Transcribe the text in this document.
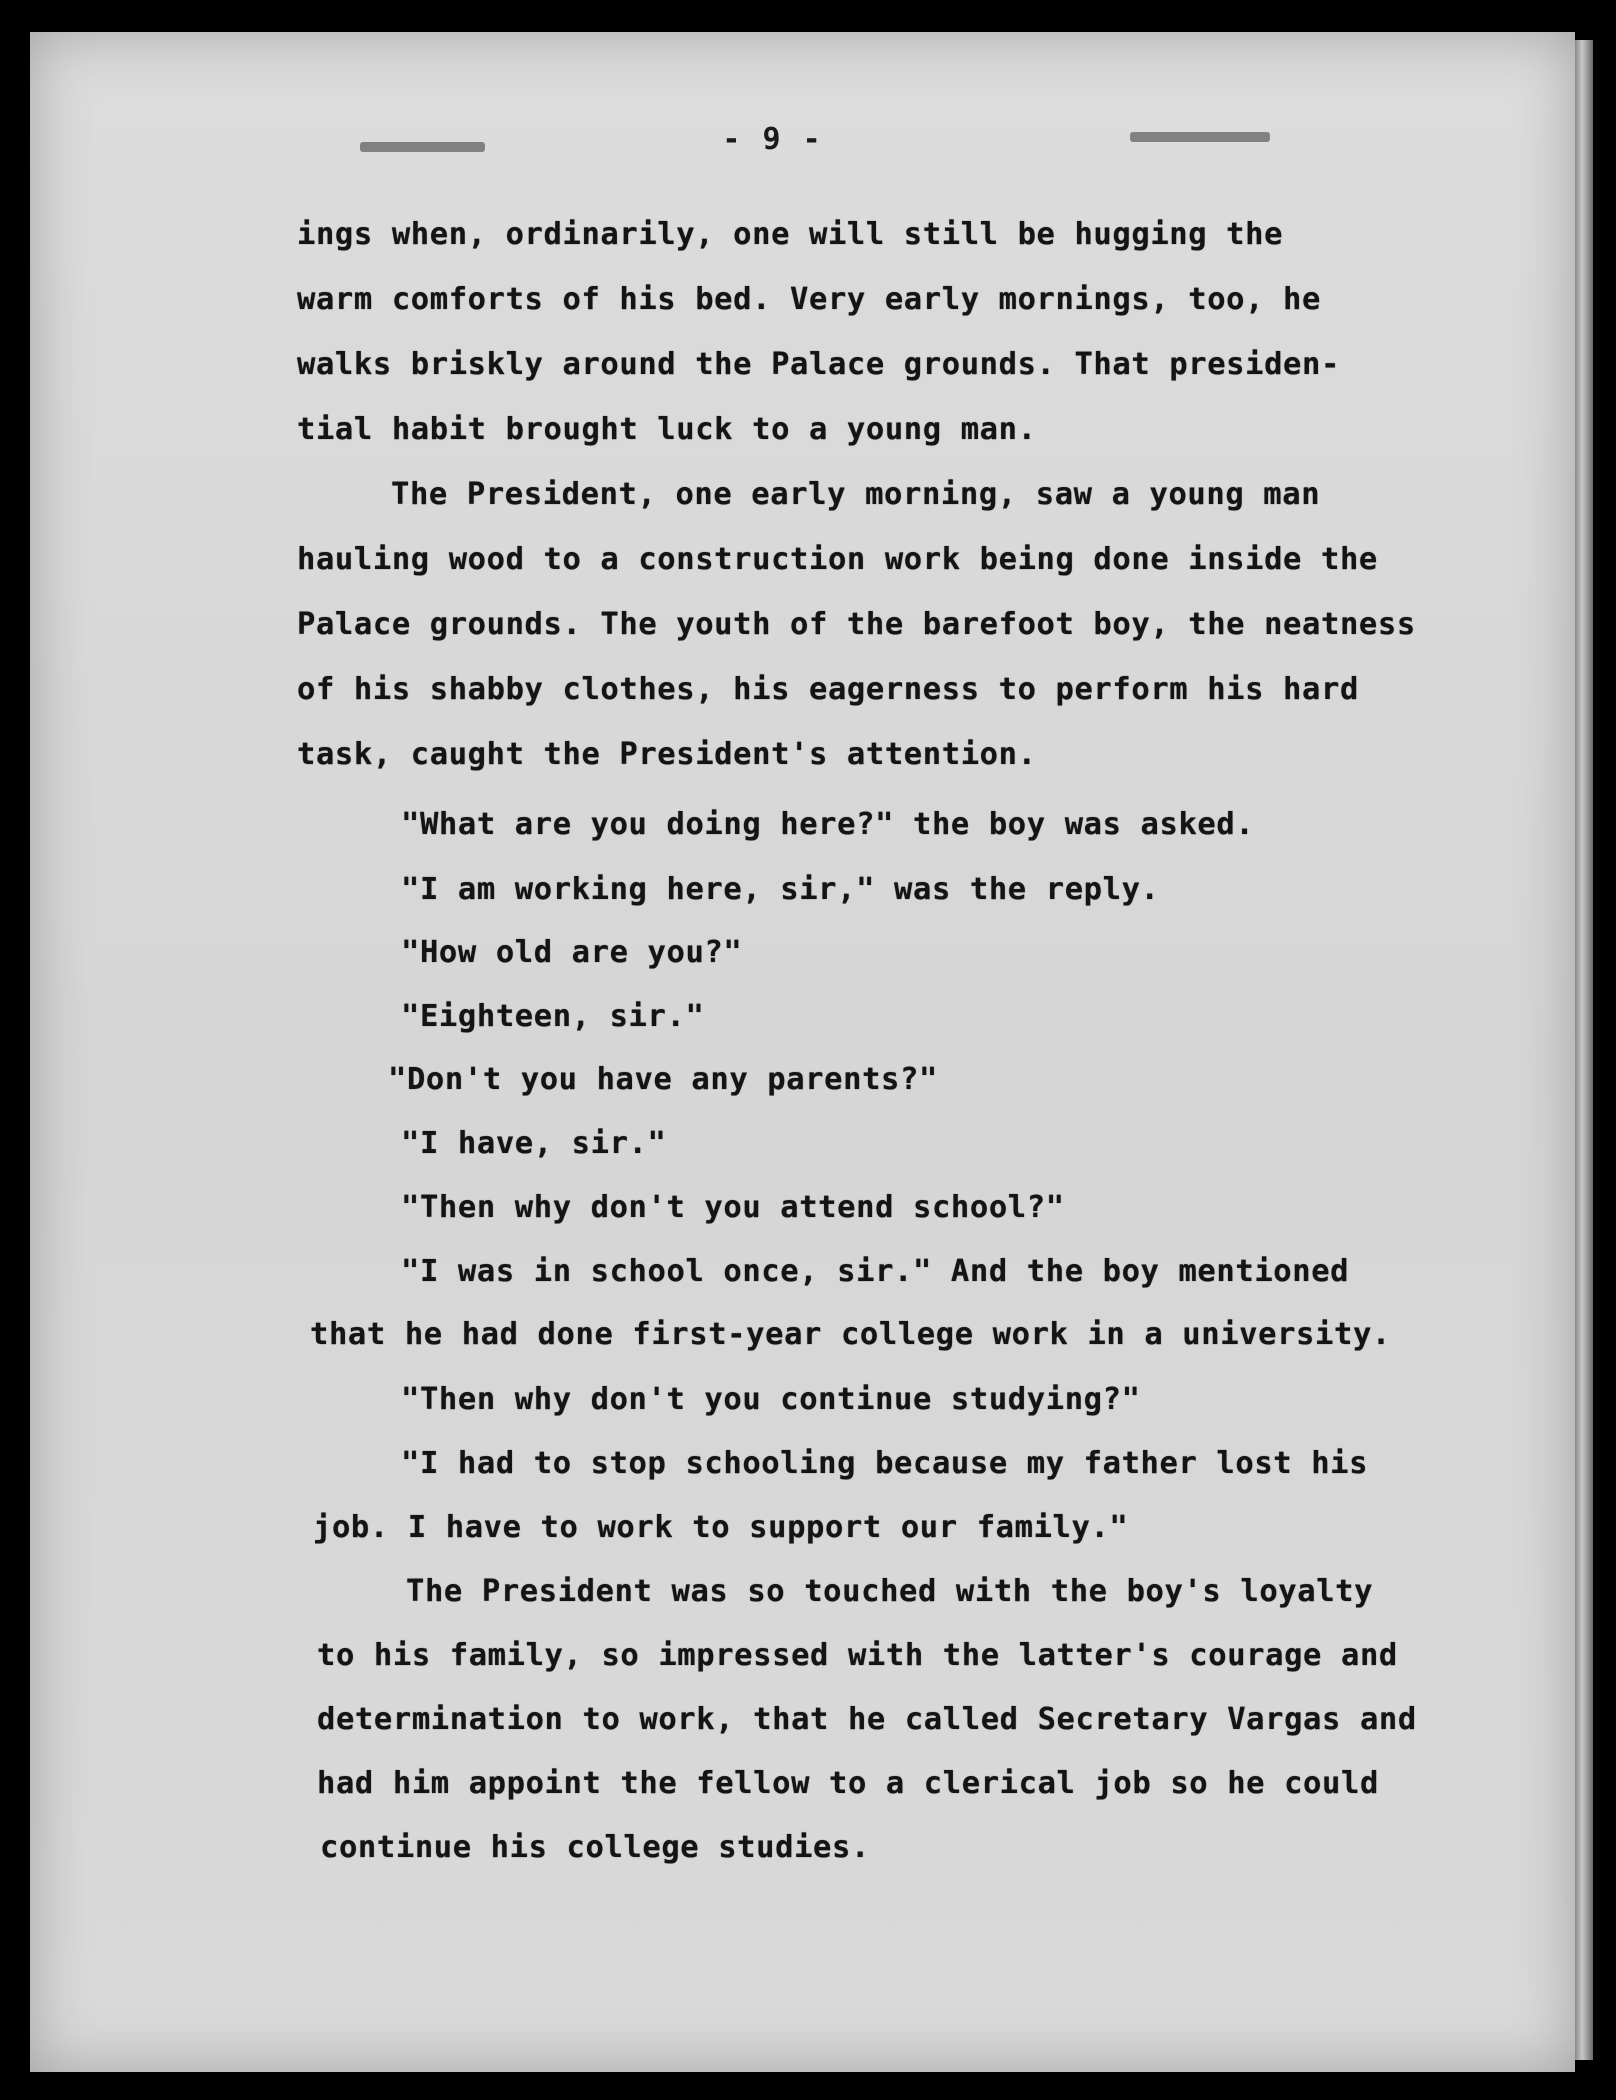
- 9 -
ings when, ordinarily, one will still be hugging the
warm comforts of his bed. Very early mornings, too, he
walks briskly around the Palace grounds. That presiden-
tial habit brought luck to a young man.
The President, one early morning, saw a young man
hauling wood to a construction work being done inside the
Palace grounds. The youth of the barefoot boy, the neatness
of his shabby clothes, his eagerness to perform his hard
task, caught the President's attention.
"What are you doing here?" the boy was asked.
"I am working here, sir," was the reply.
"How old are you?"
"Eighteen, sir."
"Don't you have any parents?"
"I have, sir."
"Then why don't you attend school?"
"I was in school once, sir." And the boy mentioned
that he had done first-year college work in a university.
"Then why don't you continue studying?"
"I had to stop schooling because my father lost his
job. I have to work to support our family."
The President was so touched with the boy's loyalty
to his family, so impressed with the latter's courage and
determination to work, that he called Secretary Vargas and
had him appoint the fellow to a clerical job so he could
continue his college studies.
